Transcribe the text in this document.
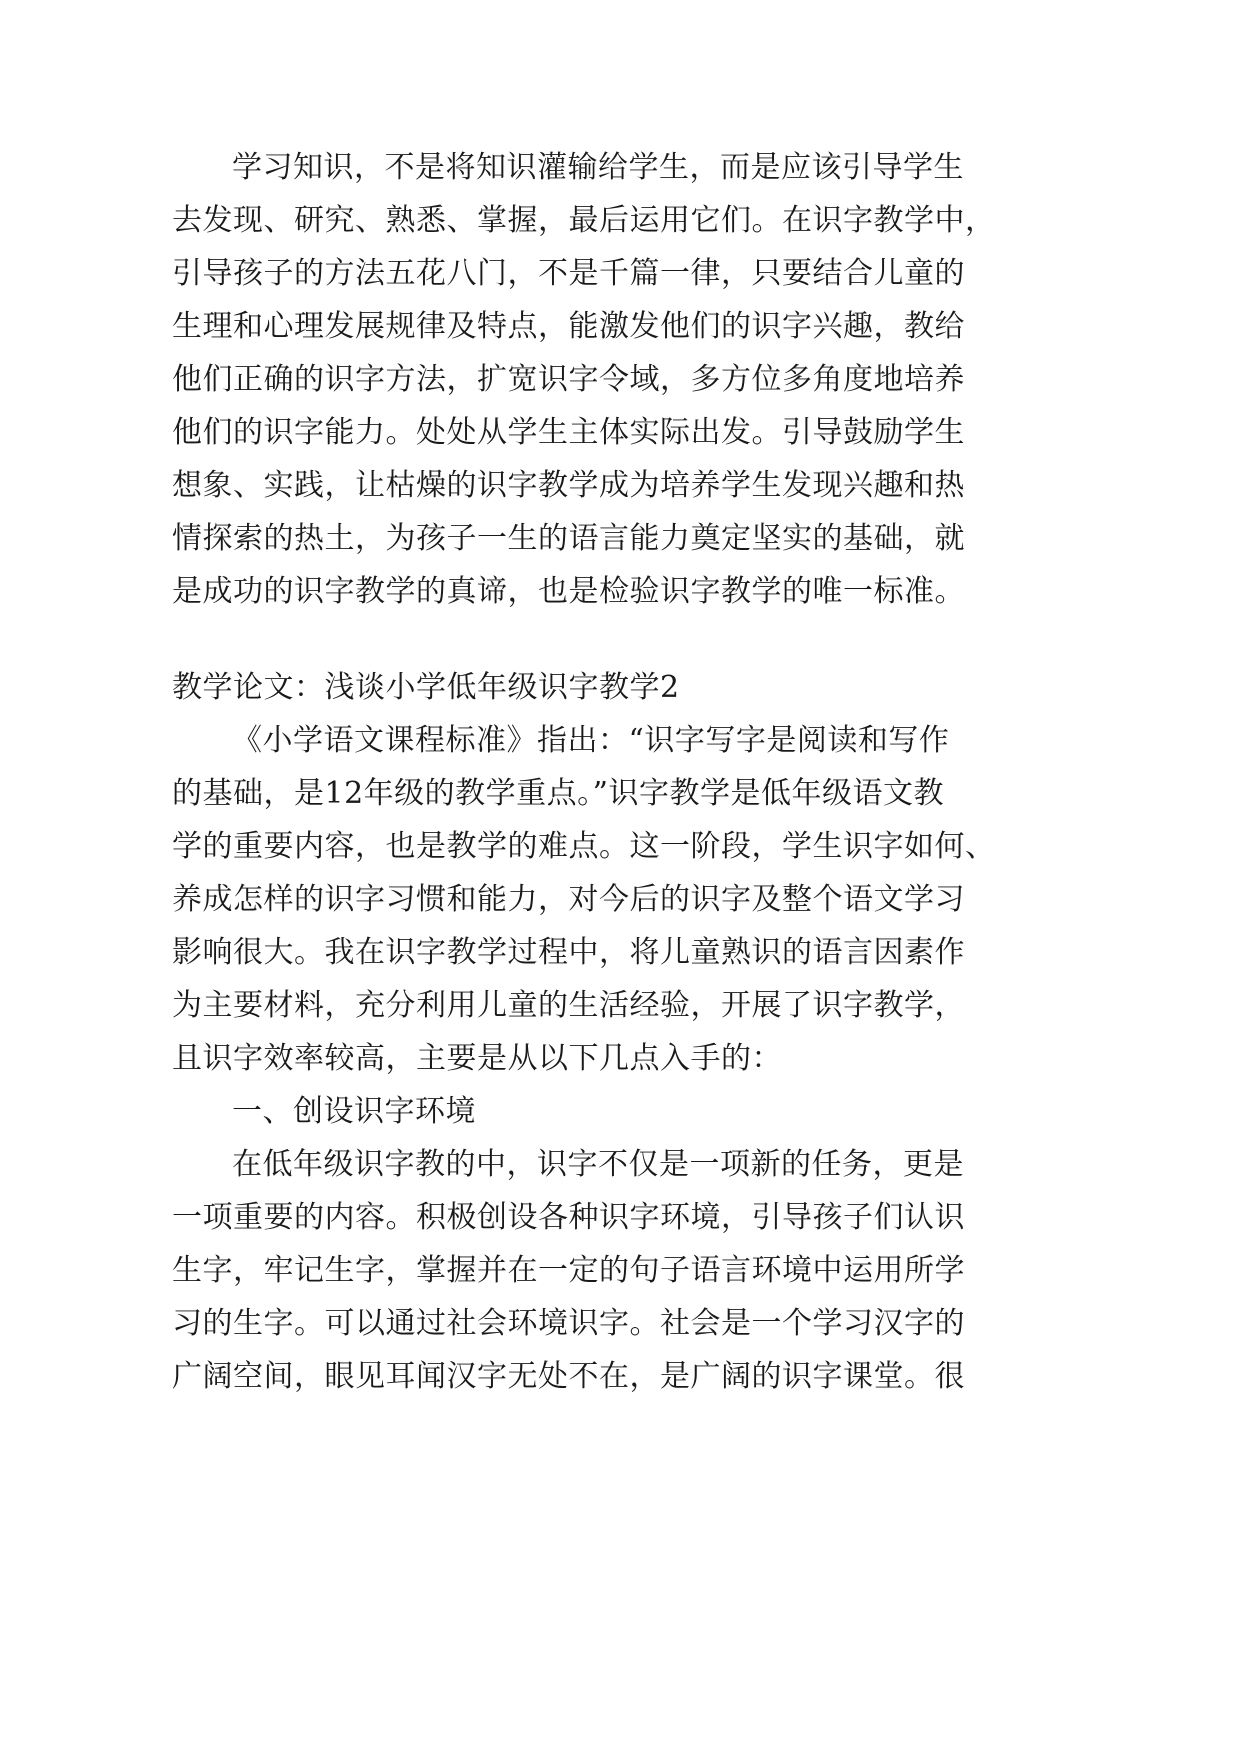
学习知识，不是将知识灌输给学生，而是应该引导学生
去发现、研究、熟悉、掌握，最后运用它们。在识字教学中，
引导孩子的方法五花八门，不是千篇一律，只要结合儿童的
生理和心理发展规律及特点，能激发他们的识字兴趣，教给
他们正确的识字方法，扩宽识字令域，多方位多角度地培养
他们的识字能力。处处从学生主体实际出发。引导鼓励学生
想象、实践，让枯燥的识字教学成为培养学生发现兴趣和热
情探索的热土，为孩子一生的语言能力奠定坚实的基础，就
是成功的识字教学的真谛，也是检验识字教学的唯一标准。
教学论文：浅谈小学低年级识字教学2
《小学语文课程标准》指出：“识字写字是阅读和写作
的基础，是12年级的教学重点。”识字教学是低年级语文教
学的重要内容，也是教学的难点。这一阶段，学生识字如何、
养成怎样的识字习惯和能力，对今后的识字及整个语文学习
影响很大。我在识字教学过程中，将儿童熟识的语言因素作
为主要材料，充分利用儿童的生活经验，开展了识字教学，
且识字效率较高，主要是从以下几点入手的：
一、创设识字环境
在低年级识字教的中，识字不仅是一项新的任务，更是
一项重要的内容。积极创设各种识字环境，引导孩子们认识
生字，牢记生字，掌握并在一定的句子语言环境中运用所学
习的生字。可以通过社会环境识字。社会是一个学习汉字的
广阔空间，眼见耳闻汉字无处不在，是广阔的识字课堂。很
